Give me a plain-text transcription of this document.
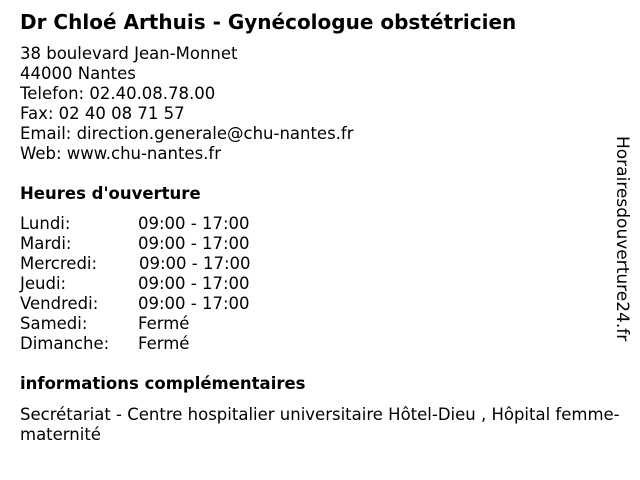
Dr Chloé Arthuis - Gynécologue obstétricien
38 boulevard Jean-Monnet
44000 Nantes
Telefon: 02.40.08.78.00
Fax: 02 40 08 71 57
Email: direction.generale@chu-nantes.fr
Web: www.chu-nantes.fr
Heures d'ouverture
Lundi:	09:00 - 17:00
Mardi:	09:00 - 17:00
Mercredi:	09:00 - 17:00
Jeudi:	09:00 - 17:00
Vendredi: 09:00 - 17:00
Samedi:	Fermé
Dimanche: Fermé
informations complémentaires
Secrétariat - Centre hospitalier universitaire Hôtel-Dieu , Hôpital femme-maternité
Horairesdouverture24.fr
